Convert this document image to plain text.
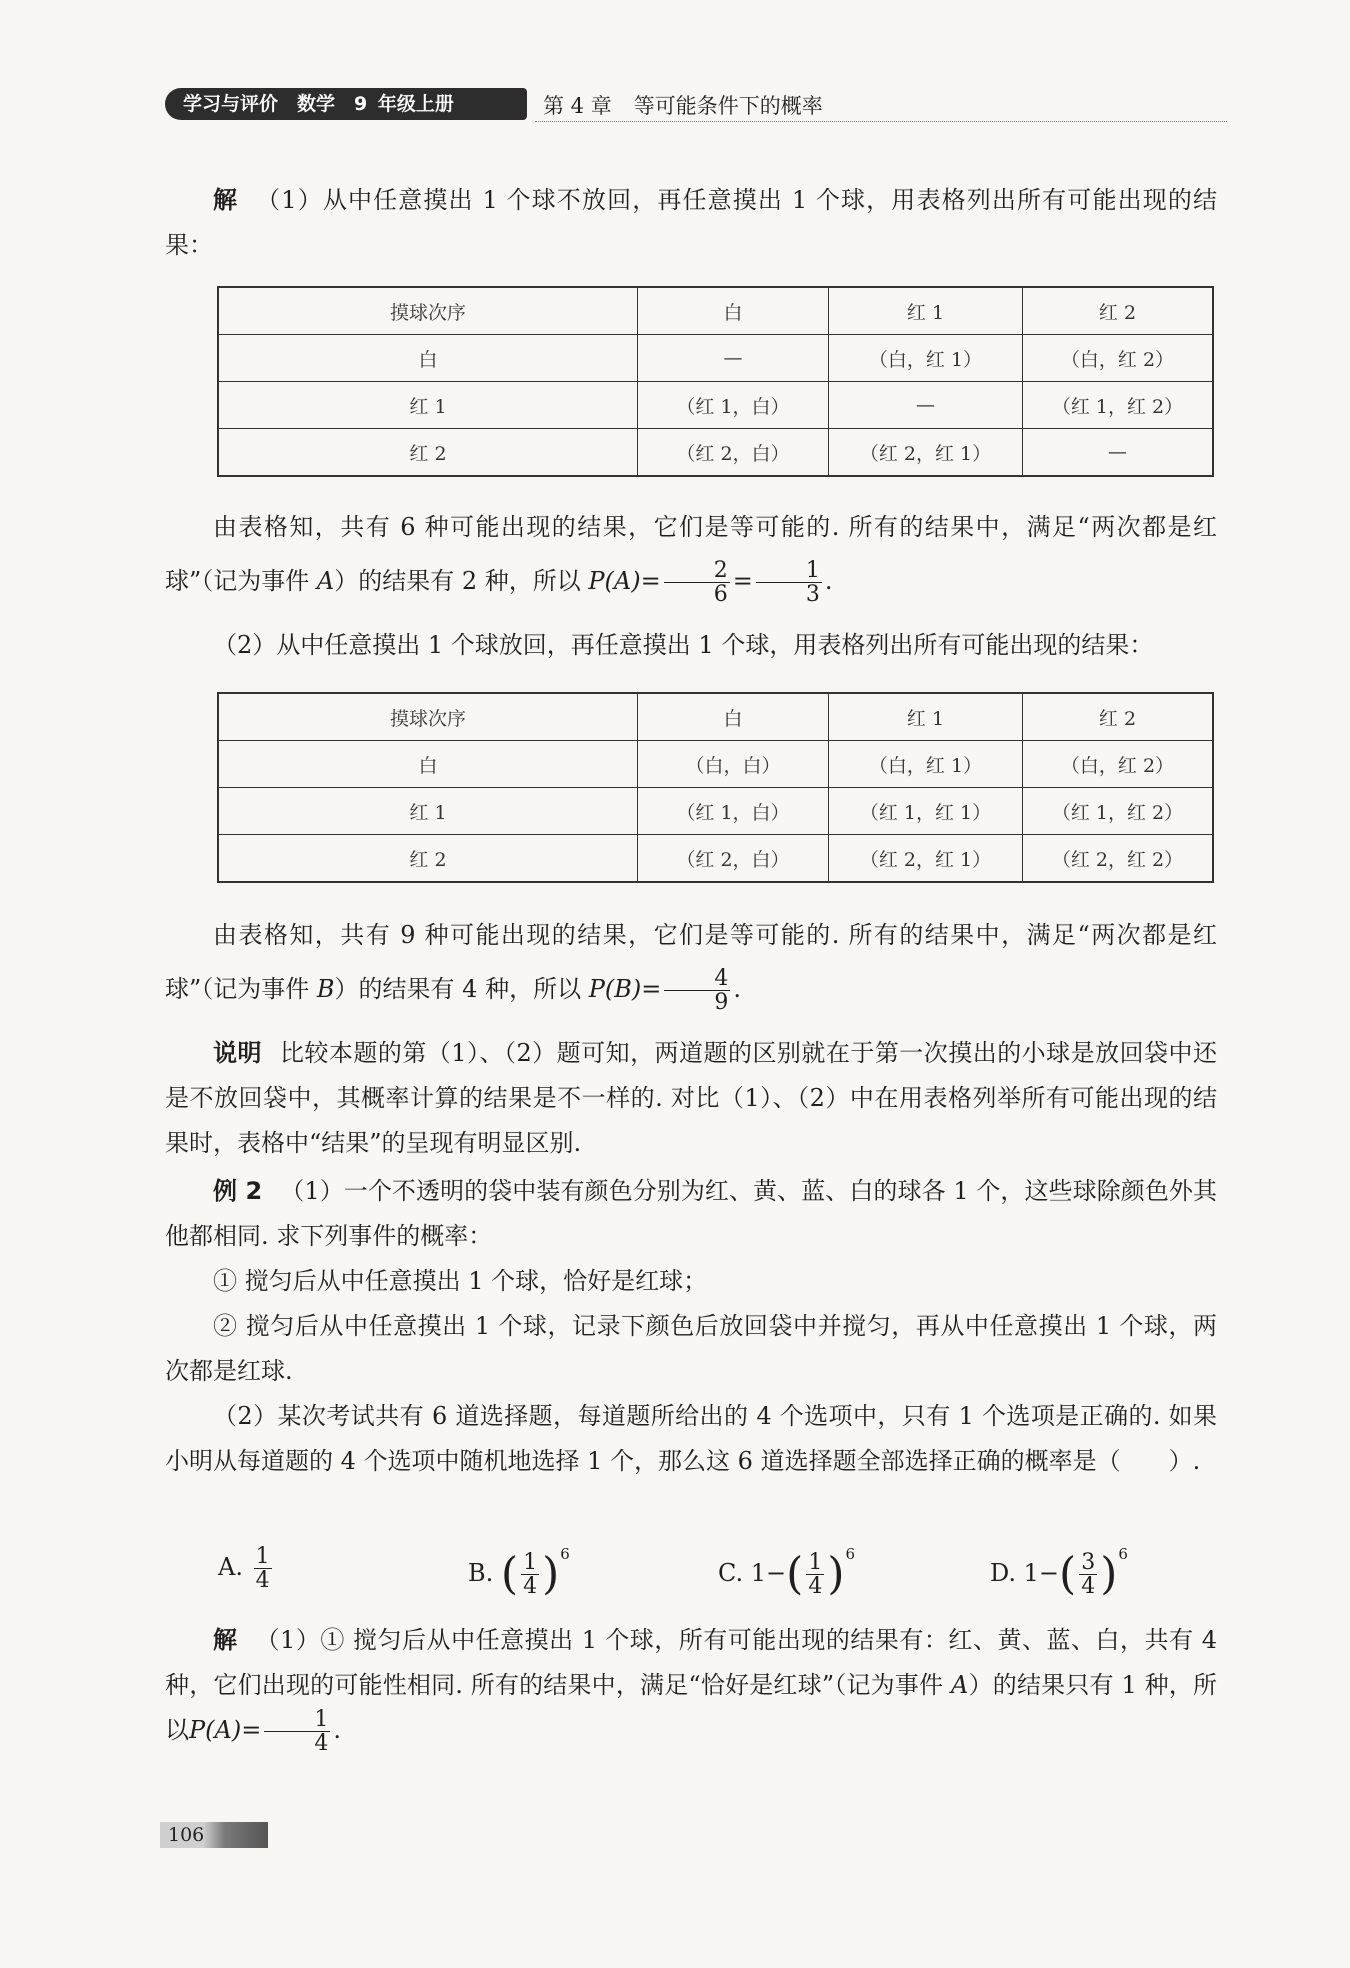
学习与评价　数学　9 年级上册	第 4 章 等可能条件下的概率

解 （1）从中任意摸出 1 个球不放回，再任意摸出 1 个球，用表格列出所有可能出现的结果：

摸球次序	白	红 1	红 2
白	—	（白，红 1）	（白，红 2）
红 1	（红 1，白）	—	（红 1，红 2）
红 2	（红 2，白）	（红 2，红 1）	—

由表格知，共有 6 种可能出现的结果，它们是等可能的. 所有的结果中，满足“两次都是红球”（记为事件 A）的结果有 2 种，所以 $P(A)= \frac{2}{6} = \frac{1}{3}$ .

（2）从中任意摸出 1 个球放回，再任意摸出 1 个球，用表格列出所有可能出现的结果：

摸球次序	白	红 1	红 2
白	（白，白）	（白，红 1）	（白，红 2）
红 1	（红 1，白）	（红 1，红 1）	（红 1，红 2）
红 2	（红 2，白）	（红 2，红 1）	（红 2，红 2）

由表格知，共有 9 种可能出现的结果，它们是等可能的. 所有的结果中，满足“两次都是红球”（记为事件 B）的结果有 4 种，所以 $P(B)= \frac{4}{9}$ .

说明 比较本题的第（1）、（2）题可知，两道题的区别就在于第一次摸出的小球是放回袋中还是不放回袋中，其概率计算的结果是不一样的. 对比（1）、（2）中在用表格列举所有可能出现的结果时，表格中“结果”的呈现有明显区别.

例 2 （1）一个不透明的袋中装有颜色分别为红、黄、蓝、白的球各 1 个，这些球除颜色外其他都相同. 求下列事件的概率：

① 搅匀后从中任意摸出 1 个球，恰好是红球；

② 搅匀后从中任意摸出 1 个球，记录下颜色后放回袋中并搅匀，再从中任意摸出 1 个球，两次都是红球.

（2）某次考试共有 6 道选择题，每道题所给出的 4 个选项中，只有 1 个选项是正确的. 如果小明从每道题的 4 个选项中随机地选择 1 个，那么这 6 道选择题全部选择正确的概率是（　　）.

A. $\frac{1}{4}$	B. ( $\frac{1}{4} )^6$
C. $1-( \frac{1}{4} )^6$
D. $1-( \frac{3}{4} )^6$

解 （1）① 搅匀后从中任意摸出 1 个球，所有可能出现的结果有：红、黄、蓝、白，共有 4 种，它们出现的可能性相同. 所有的结果中，满足“恰好是红球”（记为事件 A）的结果只有 1 种，所以$P(A)= \frac{1}{4}$ .

106
